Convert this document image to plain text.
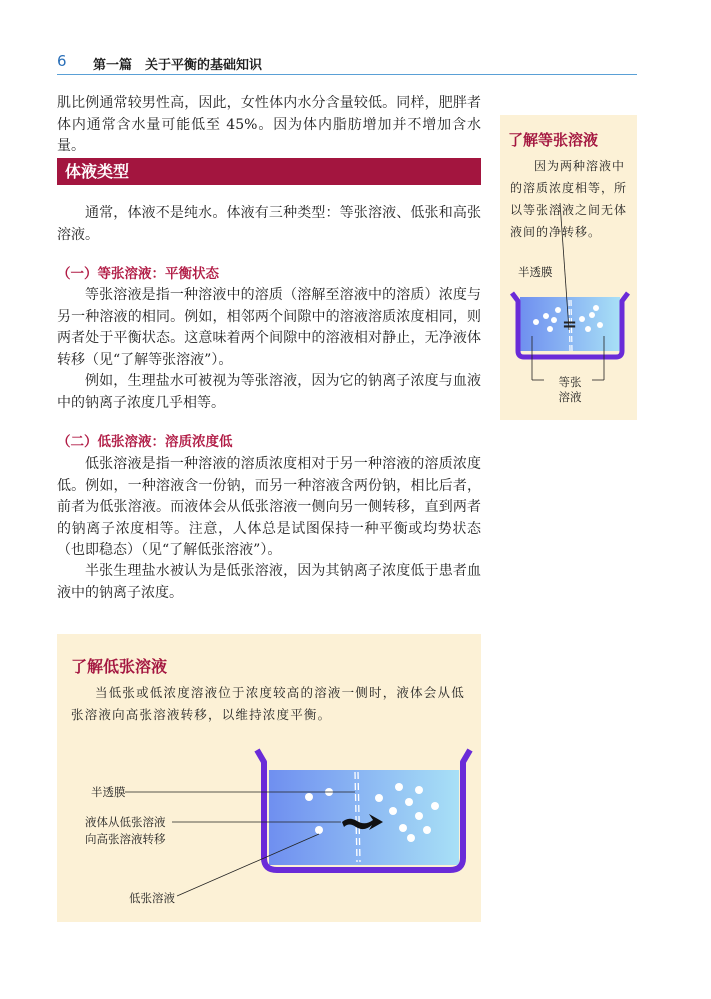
6 第一篇　关于平衡的基础知识
肌比例通常较男性高，因此，女性体内水分含量较低。同样，肥胖者体内通常含水量可能低至 45%。因为体内脂肪增加并不增加含水量。
体液类型
通常，体液不是纯水。体液有三种类型：等张溶液、低张和高张溶液。
（一）等张溶液：平衡状态
等张溶液是指一种溶液中的溶质（溶解至溶液中的溶质）浓度与另一种溶液的相同。例如，相邻两个间隙中的溶液溶质浓度相同，则两者处于平衡状态。这意味着两个间隙中的溶液相对静止，无净液体转移（见“了解等张溶液”）。
例如，生理盐水可被视为等张溶液，因为它的钠离子浓度与血液中的钠离子浓度几乎相等。
（二）低张溶液：溶质浓度低
低张溶液是指一种溶液的溶质浓度相对于另一种溶液的溶质浓度低。例如，一种溶液含一份钠，而另一种溶液含两份钠，相比后者，前者为低张溶液。而液体会从低张溶液一侧向另一侧转移，直到两者的钠离子浓度相等。注意，人体总是试图保持一种平衡或均势状态（也即稳态）（见“了解低张溶液”）。
半张生理盐水被认为是低张溶液，因为其钠离子浓度低于患者血液中的钠离子浓度。
了解等张溶液
因为两种溶液中的溶质浓度相等，所以等张溶液之间无体液间的净转移。
半透膜
=
等张
溶液
了解低张溶液
当低张或低浓度溶液位于浓度较高的溶液一侧时，液体会从低张溶液向高张溶液转移，以维持浓度平衡。
半透膜
液体从低张溶液
向高张溶液转移
低张溶液
